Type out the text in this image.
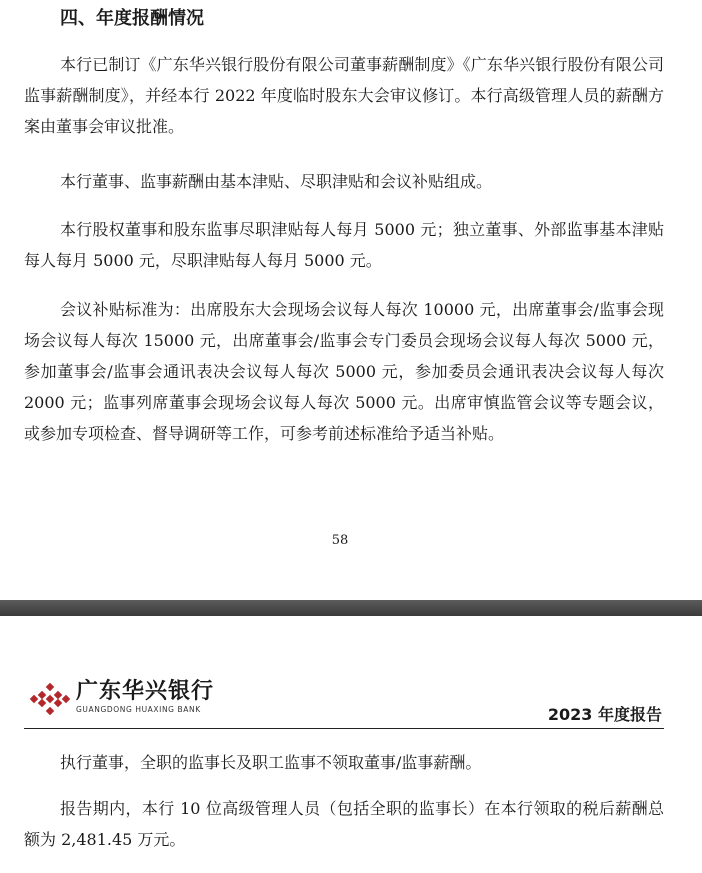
四、年度报酬情况

本行已制订《广东华兴银行股份有限公司董事薪酬制度》《广东华兴银行股份有限公司监事薪酬制度》，并经本行 2022 年度临时股东大会审议修订。本行高级管理人员的薪酬方案由董事会审议批准。

本行董事、监事薪酬由基本津贴、尽职津贴和会议补贴组成。

本行股权董事和股东监事尽职津贴每人每月 5000 元；独立董事、外部监事基本津贴每人每月 5000 元，尽职津贴每人每月 5000 元。

会议补贴标准为：出席股东大会现场会议每人每次 10000 元，出席董事会/监事会现场会议每人每次 15000 元，出席董事会/监事会专门委员会现场会议每人每次 5000 元，参加董事会/监事会通讯表决会议每人每次 5000 元，参加委员会通讯表决会议每人每次 2000 元；监事列席董事会现场会议每人每次 5000 元。出席审慎监管会议等专题会议，或参加专项检查、督导调研等工作，可参考前述标准给予适当补贴。

58

广东华兴银行

GUANGDONG HUAXING BANK	2023 年度报告

执行董事，全职的监事长及职工监事不领取董事/监事薪酬。

报告期内，本行 10 位高级管理人员（包括全职的监事长）在本行领取的税后薪酬总额为 2,481.45 万元。
